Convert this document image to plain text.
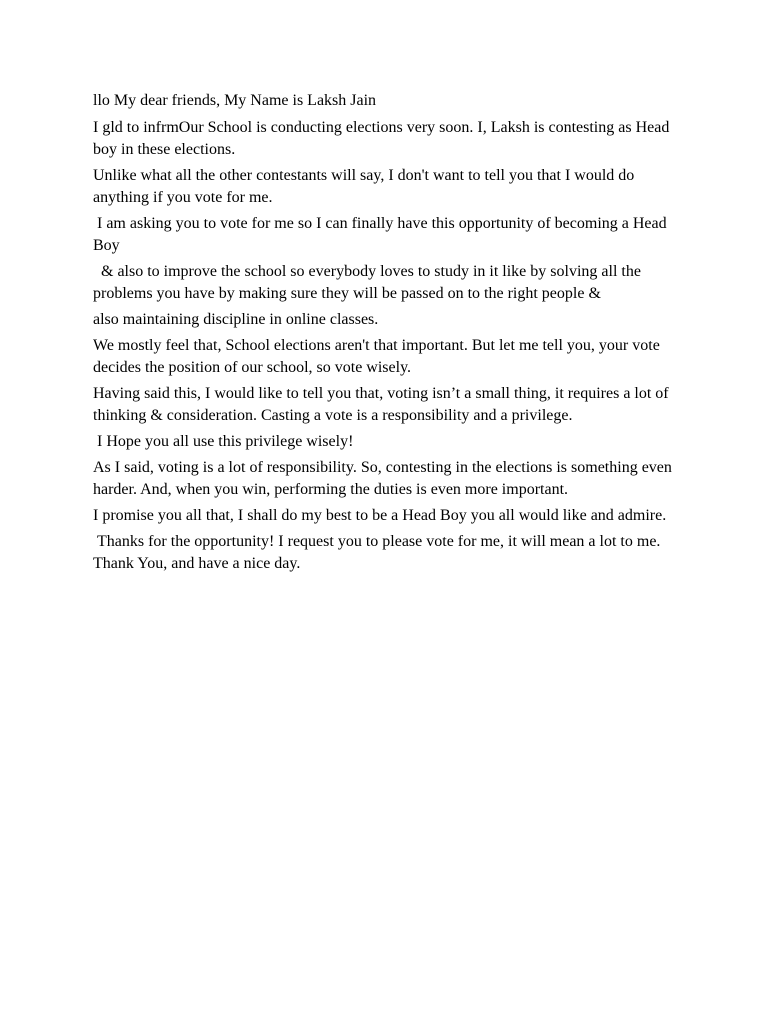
llo My dear friends, My Name is Laksh Jain

I gld to infrmOur School is conducting elections very soon. I, Laksh is contesting as Head boy in these elections.

Unlike what all the other contestants will say, I don't want to tell you that I would do anything if you vote for me.

I am asking you to vote for me so I can finally have this opportunity of becoming a Head Boy

& also to improve the school so everybody loves to study in it like by solving all the problems you have by making sure they will be passed on to the right people &

also maintaining discipline in online classes.

We mostly feel that, School elections aren't that important. But let me tell you, your vote decides the position of our school, so vote wisely.

Having said this, I would like to tell you that, voting isn’t a small thing, it requires a lot of thinking & consideration. Casting a vote is a responsibility and a privilege.

I Hope you all use this privilege wisely!

As I said, voting is a lot of responsibility. So, contesting in the elections is something even harder. And, when you win, performing the duties is even more important.

I promise you all that, I shall do my best to be a Head Boy you all would like and admire.

Thanks for the opportunity! I request you to please vote for me, it will mean a lot to me. Thank You, and have a nice day.
